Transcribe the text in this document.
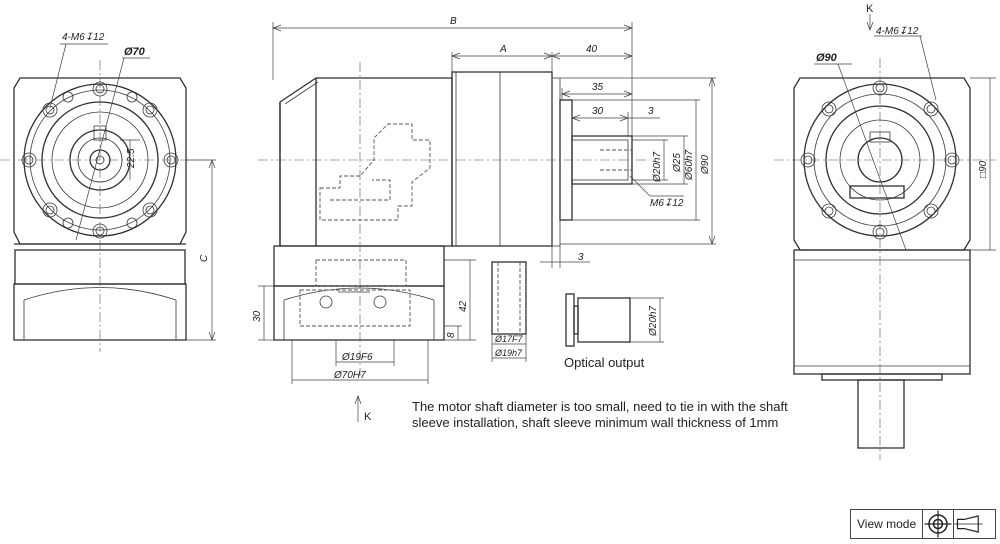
4-M6↧12
Ø70
22.5
C
B
A	40
35
30	3
Ø20h7 Ø25 Ø60h7 Ø90
M6↧12
3
30
42
8
Ø19F6
Ø70H7
K
Ø17F7
Ø19h7
Ø20h7
K
4-M6↧12
Ø90
□90
Optical output
The motor shaft diameter is too small, need to tie in with the shaft
sleeve installation, shaft sleeve minimum wall thickness of 1mm
View mode
